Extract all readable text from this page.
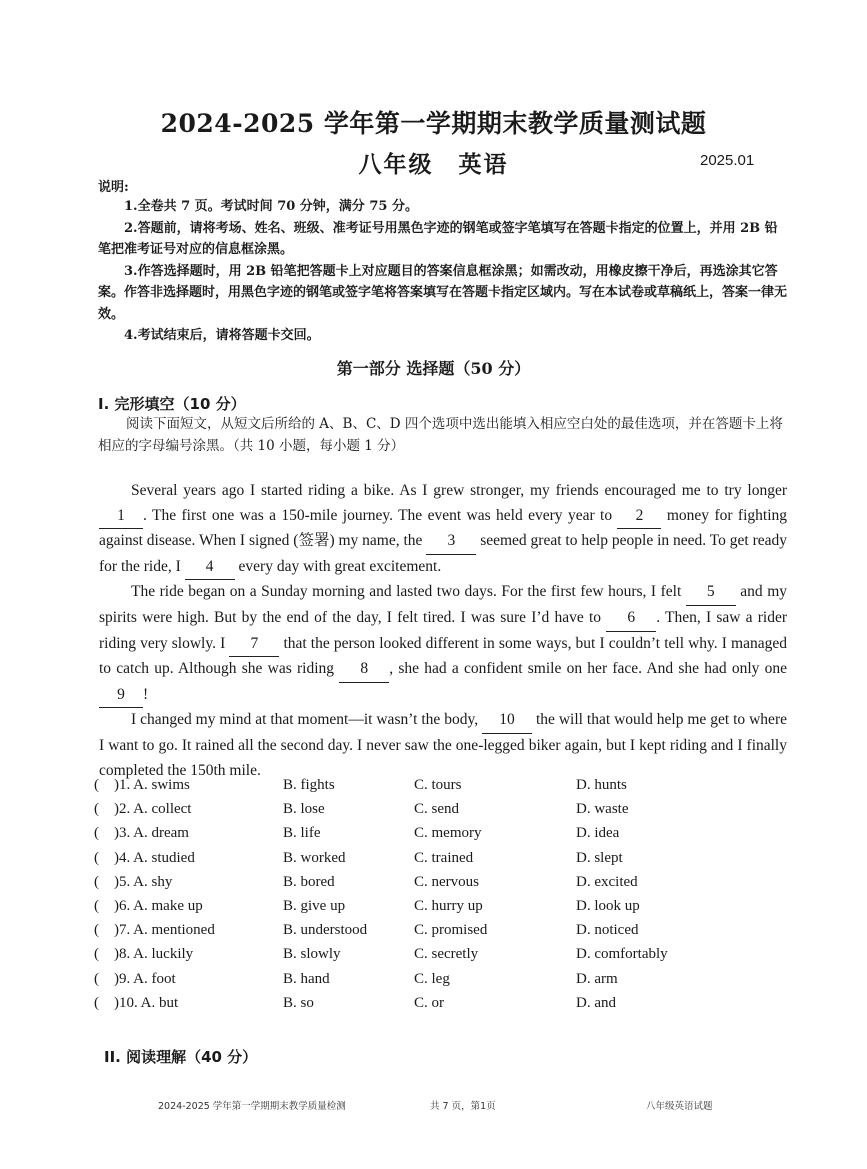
2024-2025 学年第一学期期末教学质量测试题
八年级　英语	2025.01
说明:

1.全卷共 7 页。考试时间 70 分钟，满分 75 分。

2.答题前，请将考场、姓名、班级、准考证号用黑色字迹的钢笔或签字笔填写在答题卡指定的位置上，并用 2B 铅笔把准考证号对应的信息框涂黑。

3.作答选择题时，用 2B 铅笔把答题卡上对应题目的答案信息框涂黑；如需改动，用橡皮擦干净后，再选涂其它答案。作答非选择题时，用黑色字迹的钢笔或签字笔将答案填写在答题卡指定区域内。写在本试卷或草稿纸上，答案一律无效。

4.考试结束后，请将答题卡交回。

第一部分 选择题（50 分）
I. 完形填空（10 分）

阅读下面短文，从短文后所给的 A、B、C、D 四个选项中选出能填入相应空白处的最佳选项，并在答题卡上将相应的字母编号涂黑。（共 10 小题，每小题 1 分）

Several years ago I started riding a bike. As I grew stronger, my friends encouraged me to try longer 1 . The first one was a 150-mile journey. The event was held every year to 2 money for fighting against disease. When I signed (签署) my name, the 3 seemed great to help people in need. To get ready for the ride, I 4 every day with great excitement.

The ride began on a Sunday morning and lasted two days. For the first few hours, I felt 5 and my spirits were high. But by the end of the day, I felt tired. I was sure I’d have to 6 . Then, I saw a rider riding very slowly. I 7 that the person looked different in some ways, but I couldn’t tell why. I managed to catch up. Although she was riding 8 , she had a confident smile on her face. And she had only one 9 !

I changed my mind at that moment—it wasn’t the body, 10 the will that would help me get to where I want to go. It rained all the second day. I never saw the one-legged biker again, but I kept riding and I finally completed the 150th mile.

( )1. A. swims	B. fights	C. tours	D. hunts
( )2. A. collect	B. lose	C. send	D. waste
( )3. A. dream	B. life	C. memory	D. idea
( )4. A. studied	B. worked	C. trained	D. slept
( )5. A. shy	B. bored	C. nervous	D. excited
( )6. A. make up	B. give up	C. hurry up	D. look up
( )7. A. mentioned	B. understood	C. promised	D. noticed
( )8. A. luckily	B. slowly	C. secretly	D. comfortably
( )9. A. foot	B. hand	C. leg	D. arm
( )10. A. but	B. so	C. or	D. and
II. 阅读理解（40 分）
2024-2025 学年第一学期期末教学质量检测	共 7 页，第1页	八年级英语试题
